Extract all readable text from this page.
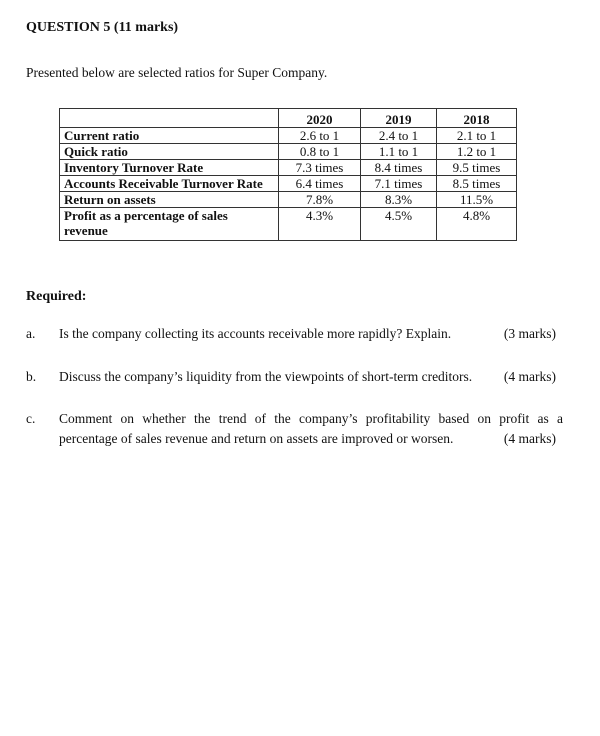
QUESTION 5 (11 marks)
Presented below are selected ratios for Super Company.
	2020	2019	2018
Current ratio	2.6 to 1	2.4 to 1	2.1 to 1
Quick ratio	0.8 to 1	1.1 to 1	1.2 to 1
Inventory Turnover Rate	7.3 times	8.4 times	9.5 times
Accounts Receivable Turnover Rate	6.4 times	7.1 times	8.5 times
Return on assets	7.8%	8.3%	11.5%
Profit as a percentage of sales revenue	4.3%	4.5%	4.8%
Required:
a. Is the company collecting its accounts receivable more rapidly? Explain.	(3 marks)
b. Discuss the company’s liquidity from the viewpoints of short-term creditors. (4 marks)
c. Comment on whether the trend of the company’s profitability based on profit as a
percentage of sales revenue and return on assets are improved or worsen.	(4 marks)
